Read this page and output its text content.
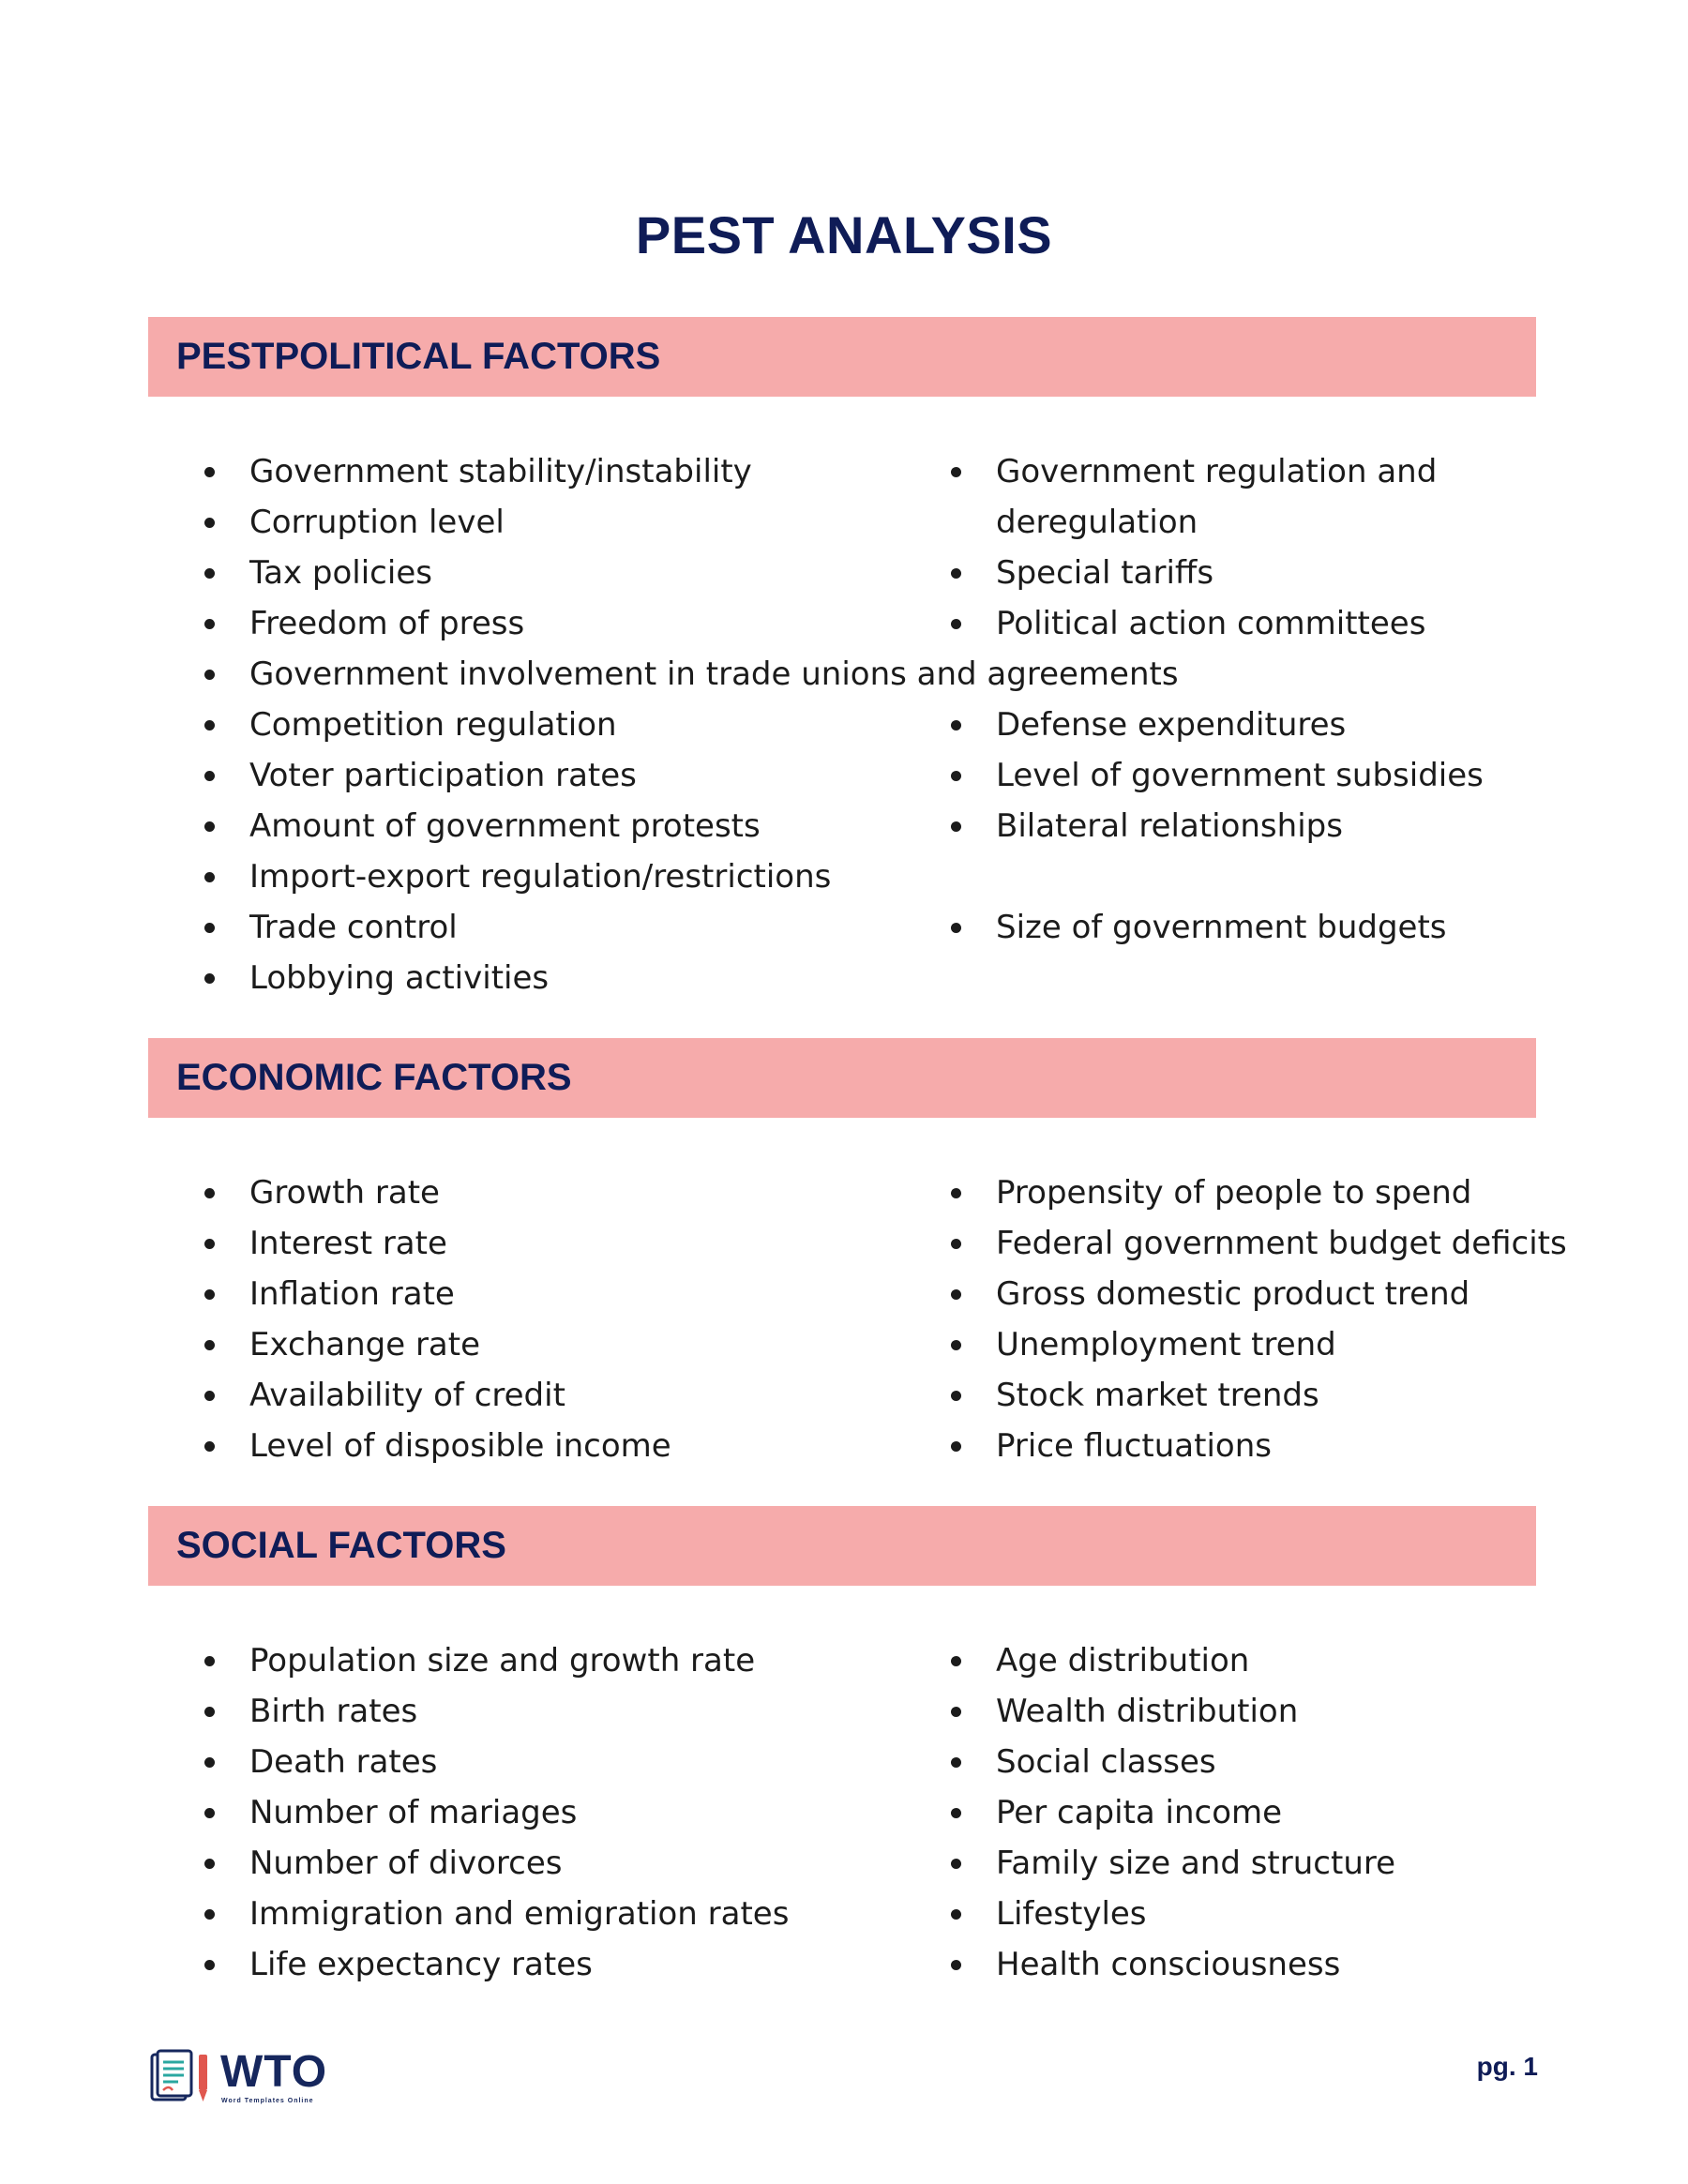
PEST ANALYSIS
PESTPOLITICAL FACTORS
Government stability/instability
Corruption level
Tax policies
Freedom of press
Government involvement in trade unions and agreements
Competition regulation
Voter participation rates
Amount of government protests
Import-export regulation/restrictions
Trade control
Lobbying activities
Government regulation and
deregulation
Special tariffs
Political action committees
Defense expenditures
Level of government subsidies
Bilateral relationships
Size of government budgets
ECONOMIC FACTORS
Growth rate
Interest rate
Inflation rate
Exchange rate
Availability of credit
Level of disposible income
Propensity of people to spend
Federal government budget deficits
Gross domestic product trend
Unemployment trend
Stock market trends
Price fluctuations
SOCIAL FACTORS
Population size and growth rate
Birth rates
Death rates
Number of mariages
Number of divorces
Immigration and emigration rates
Life expectancy rates
Age distribution
Wealth distribution
Social classes
Per capita income
Family size and structure
Lifestyles
Health consciousness
WTO
Word Templates Online
pg. 1
